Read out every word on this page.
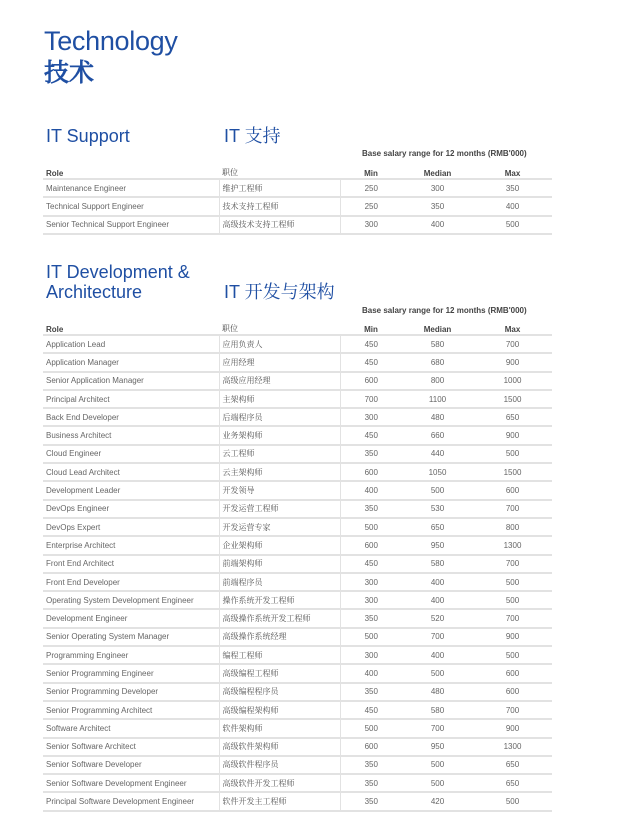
Technology
技术
IT Support	IT 支持
Base salary range for 12 months (RMB'000)
Role	职位	Min	Median	Max
Maintenance Engineer	维护工程师	250	300	350
Technical Support Engineer	技术支持工程师	250	350	400
Senior Technical Support Engineer	高级技术支持工程师	300	400	500
IT Development &
Architecture	IT 开发与架构
Base salary range for 12 months (RMB'000)
Role	职位	Min	Median	Max
Application Lead	应用负责人	450	580	700
Application Manager	应用经理	450	680	900
Senior Application Manager	高级应用经理	600	800	1000
Principal Architect	主架构师	700	1100	1500
Back End Developer	后端程序员	300	480	650
Business Architect	业务架构师	450	660	900
Cloud Engineer	云工程师	350	440	500
Cloud Lead Architect	云主架构师	600	1050	1500
Development Leader	开发领导	400	500	600
DevOps Engineer	开发运营工程师	350	530	700
DevOps Expert	开发运营专家	500	650	800
Enterprise Architect	企业架构师	600	950	1300
Front End Architect	前端架构师	450	580	700
Front End Developer	前端程序员	300	400	500
Operating System Development Engineer	操作系统开发工程师	300	400	500
Development Engineer	高级操作系统开发工程师	350	520	700
Senior Operating System Manager	高级操作系统经理	500	700	900
Programming Engineer	编程工程师	300	400	500
Senior Programming Engineer	高级编程工程师	400	500	600
Senior Programming Developer	高级编程程序员	350	480	600
Senior Programming Architect	高级编程架构师	450	580	700
Software Architect	软件架构师	500	700	900
Senior Software Architect	高级软件架构师	600	950	1300
Senior Software Developer	高级软件程序员	350	500	650
Senior Software Development Engineer	高级软件开发工程师	350	500	650
Principal Software Development Engineer	软件开发主工程师	350	420	500
